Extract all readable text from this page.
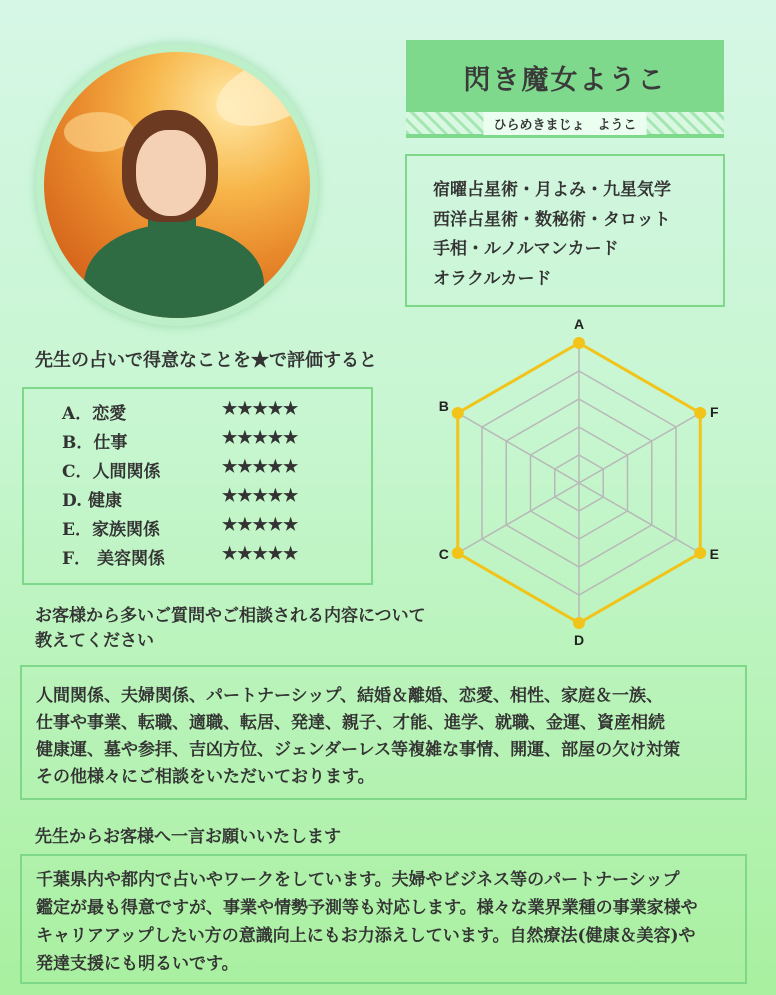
閃き魔女ようこ
ひらめきまじょ　ようこ
宿曜占星術・月よみ・九星気学
西洋占星術・数秘術・タロット
手相・ルノルマンカード
オラクルカード
先生の占いで得意なことを★で評価すると
A．恋愛	★★★★★
B．仕事	★★★★★
C．人間関係	★★★★★
D. 健康	★★★★★
E．家族関係	★★★★★
F． 美容関係	★★★★★
A
F
E
D
C
B
お客様から多いご質問やご相談される内容について
教えてください
人間関係、夫婦関係、パートナーシップ、結婚＆離婚、恋愛、相性、家庭＆一族、
仕事や事業、転職、適職、転居、発達、親子、才能、進学、就職、金運、資産相続
健康運、墓や参拝、吉凶方位、ジェンダーレス等複雑な事情、開運、部屋の欠け対策
その他様々にご相談をいただいております。
先生からお客様へ一言お願いいたします
千葉県内や都内で占いやワークをしています。夫婦やビジネス等のパートナーシップ
鑑定が最も得意ですが、事業や情勢予測等も対応します。様々な業界業種の事業家様や
キャリアアップしたい方の意識向上にもお力添えしています。自然療法(健康＆美容)や
発達支援にも明るいです。
